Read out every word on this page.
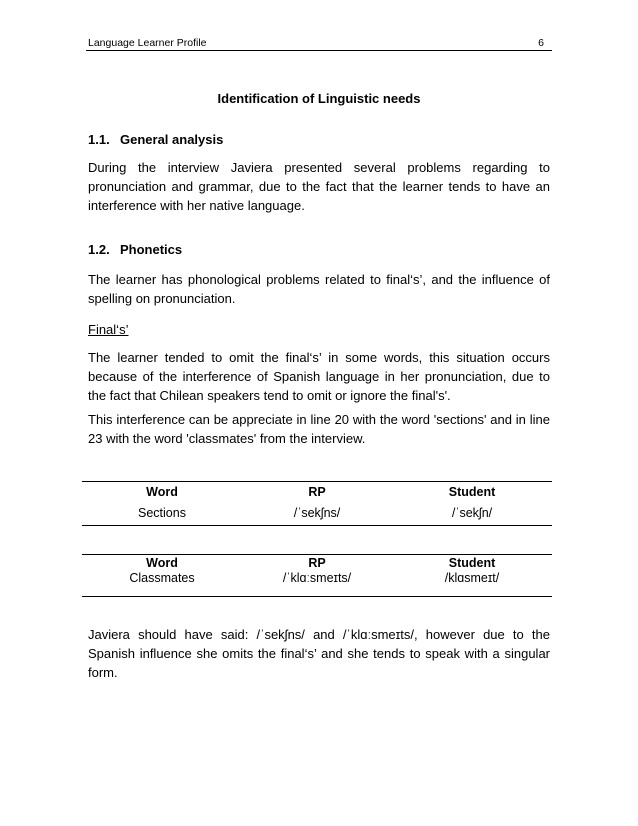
Language Learner Profile	6
Identification of Linguistic needs
1.1. General analysis
During the interview Javiera presented several problems regarding to pronunciation and grammar, due to the fact that the learner tends to have an interference with her native language.
1.2. Phonetics
The learner has phonological problems related to final‘s’, and the influence of spelling on pronunciation.
Final‘s’
The learner tended to omit the final‘s’ in some words, this situation occurs because of the interference of Spanish language in her pronunciation, due to the fact that Chilean speakers tend to omit or ignore the final's'.
This interference can be appreciate in line 20 with the word 'sections' and in line 23 with the word 'classmates' from the interview.
Word	RP	Student
Sections	/ˈsekʃns/	/ˈsekʃn/
Word	RP	Student
Classmates	/ˈklɑːsmeɪts/	/klɑsmeɪt/
Javiera should have said: /ˈsekʃns/ and /ˈklɑːsmeɪts/, however due to the Spanish influence she omits the final‘s’ and she tends to speak with a singular form.
